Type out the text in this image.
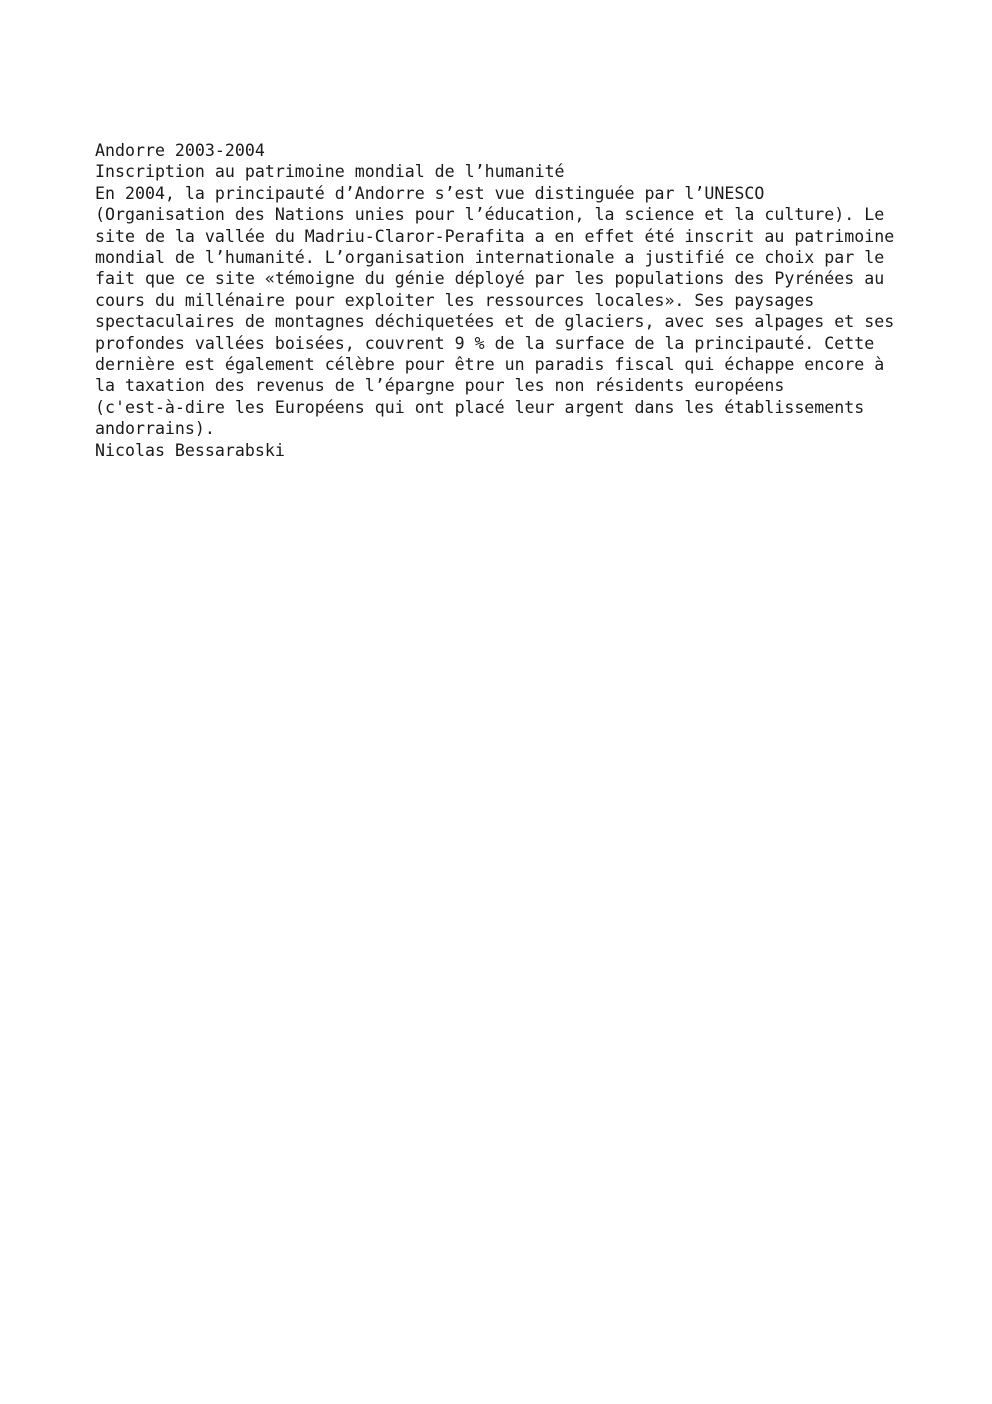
Andorre 2003-2004
Inscription au patrimoine mondial de l’humanité
En 2004, la principauté d’Andorre s’est vue distinguée par l’UNESCO
(Organisation des Nations unies pour l’éducation, la science et la culture). Le
site de la vallée du Madriu-Claror-Perafita a en effet été inscrit au patrimoine
mondial de l’humanité. L’organisation internationale a justifié ce choix par le
fait que ce site «témoigne du génie déployé par les populations des Pyrénées au
cours du millénaire pour exploiter les ressources locales». Ses paysages
spectaculaires de montagnes déchiquetées et de glaciers, avec ses alpages et ses
profondes vallées boisées, couvrent 9 % de la surface de la principauté. Cette
dernière est également célèbre pour être un paradis fiscal qui échappe encore à
la taxation des revenus de l’épargne pour les non résidents européens
(c'est-à-dire les Européens qui ont placé leur argent dans les établissements
andorrains).
Nicolas Bessarabski
